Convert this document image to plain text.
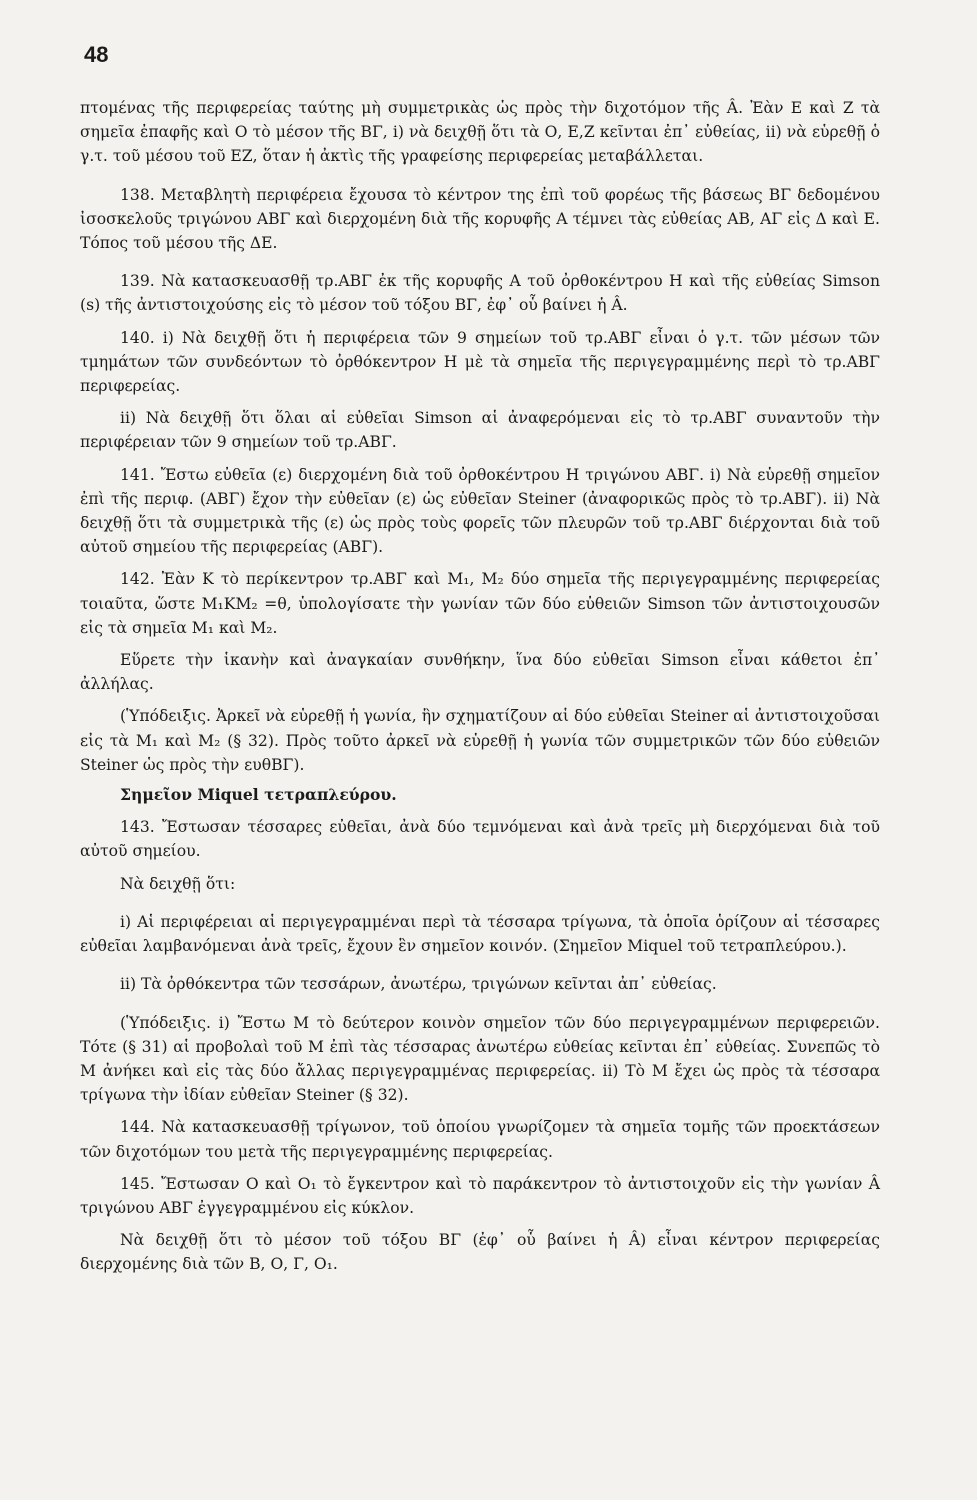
48

πτομένας τῆς περιφερείας ταύτης μὴ συμμετρικὰς ὡς πρὸς τὴν διχοτόμον τῆς Â. Ἐὰν Ε καὶ Ζ τὰ σημεῖα ἐπαφῆς καὶ Ο τὸ μέσον τῆς ΒΓ, i) νὰ δειχθῇ ὅτι τὰ Ο, Ε,Ζ κεῖνται ἐπ᾽ εὐθείας, ii) νὰ εὑρεθῇ ὁ γ.τ. τοῦ μέσου τοῦ ΕΖ, ὅταν ἡ ἀκτὶς τῆς γραφείσης περιφερείας μεταβάλλεται.

138. Μεταβλητὴ περιφέρεια ἔχουσα τὸ κέντρον της ἐπὶ τοῦ φορέως τῆς βάσεως ΒΓ δεδομένου ἰσοσκελοῦς τριγώνου ΑΒΓ καὶ διερχομένη διὰ τῆς κορυφῆς Α τέμνει τὰς εὐθείας ΑΒ, ΑΓ εἰς Δ καὶ Ε. Τόπος τοῦ μέσου τῆς ΔΕ.

139. Νὰ κατασκευασθῇ τρ.ΑΒΓ ἐκ τῆς κορυφῆς Α τοῦ ὀρθοκέντρου Η καὶ τῆς εὐθείας Simson (s) τῆς ἀντιστοιχούσης εἰς τὸ μέσον τοῦ τόξου ΒΓ, ἐφ᾽ οὗ βαίνει ἡ Â.

140. i) Νὰ δειχθῇ ὅτι ἡ περιφέρεια τῶν 9 σημείων τοῦ τρ.ΑΒΓ εἶναι ὁ γ.τ. τῶν μέσων τῶν τμημάτων τῶν συνδεόντων τὸ ὀρθόκεντρον Η μὲ τὰ σημεῖα τῆς περιγεγραμμένης περὶ τὸ τρ.ΑΒΓ περιφερείας.

ii) Νὰ δειχθῇ ὅτι ὅλαι αἱ εὐθεῖαι Simson αἱ ἀναφερόμεναι εἰς τὸ τρ.ΑΒΓ συναντοῦν τὴν περιφέρειαν τῶν 9 σημείων τοῦ τρ.ΑΒΓ.

141. Ἔστω εὐθεῖα (ε) διερχομένη διὰ τοῦ ὀρθοκέντρου Η τριγώνου ΑΒΓ. i) Νὰ εὑρεθῇ σημεῖον ἐπὶ τῆς περιφ. (ΑΒΓ) ἔχον τὴν εὐθεῖαν (ε) ὡς εὐθεῖαν Steiner (ἀναφορικῶς πρὸς τὸ τρ.ΑΒΓ). ii) Νὰ δειχθῇ ὅτι τὰ συμμετρικὰ τῆς (ε) ὡς πρὸς τοὺς φορεῖς τῶν πλευρῶν τοῦ τρ.ΑΒΓ διέρχονται διὰ τοῦ αὐτοῦ σημείου τῆς περιφερείας (ΑΒΓ).

142. Ἐὰν Κ τὸ περίκεντρον τρ.ΑΒΓ καὶ Μ₁, Μ₂ δύο σημεῖα τῆς περιγεγραμμένης περιφερείας τοιαῦτα, ὥστε Μ₁ΚΜ₂ =θ, ὑπολογίσατε τὴν γωνίαν τῶν δύο εὐθειῶν Simson τῶν ἀντιστοιχουσῶν εἰς τὰ σημεῖα Μ₁ καὶ Μ₂.

Εὕρετε τὴν ἱκανὴν καὶ ἀναγκαίαν συνθήκην, ἵνα δύο εὐθεῖαι Simson εἶναι κάθετοι ἐπ᾽ ἀλλήλας.

(Ὑπόδειξις. Ἀρκεῖ νὰ εὑρεθῇ ἡ γωνία, ἣν σχηματίζουν αἱ δύο εὐθεῖαι Steiner αἱ ἀντιστοιχοῦσαι εἰς τὰ Μ₁ καὶ Μ₂ (§ 32). Πρὸς τοῦτο ἀρκεῖ νὰ εὑρεθῇ ἡ γωνία τῶν συμμετρικῶν τῶν δύο εὐθειῶν Steiner ὡς πρὸς τὴν ευθΒΓ).

Σημεῖον Miquel τετραπλεύρου.

143. Ἔστωσαν τέσσαρες εὐθεῖαι, ἀνὰ δύο τεμνόμεναι καὶ ἀνὰ τρεῖς μὴ διερχόμεναι διὰ τοῦ αὐτοῦ σημείου.

Νὰ δειχθῇ ὅτι:

i) Αἱ περιφέρειαι αἱ περιγεγραμμέναι περὶ τὰ τέσσαρα τρίγωνα, τὰ ὁποῖα ὁρίζουν αἱ τέσσαρες εὐθεῖαι λαμβανόμεναι ἀνὰ τρεῖς, ἔχουν ἓν σημεῖον κοινόν. (Σημεῖον Miquel τοῦ τετραπλεύρου.).

ii) Τὰ ὀρθόκεντρα τῶν τεσσάρων, ἀνωτέρω, τριγώνων κεῖνται ἀπ᾽ εὐθείας.

(Ὑπόδειξις. i) Ἔστω Μ τὸ δεύτερον κοινὸν σημεῖον τῶν δύο περιγεγραμμένων περιφερειῶν. Τότε (§ 31) αἱ προβολαὶ τοῦ Μ ἐπὶ τὰς τέσσαρας ἀνωτέρω εὐθείας κεῖνται ἐπ᾽ εὐθείας. Συνεπῶς τὸ Μ ἀνήκει καὶ εἰς τὰς δύο ἄλλας περιγεγραμμένας περιφερείας. ii) Τὸ Μ ἔχει ὡς πρὸς τὰ τέσσαρα τρίγωνα τὴν ἰδίαν εὐθεῖαν Steiner (§ 32).

144. Νὰ κατασκευασθῇ τρίγωνον, τοῦ ὁποίου γνωρίζομεν τὰ σημεῖα τομῆς τῶν προεκτάσεων τῶν διχοτόμων του μετὰ τῆς περιγεγραμμένης περιφερείας.

145. Ἔστωσαν Ο καὶ Ο₁ τὸ ἔγκεντρον καὶ τὸ παράκεντρον τὸ ἀντιστοιχοῦν εἰς τὴν γωνίαν Â τριγώνου ΑΒΓ ἐγγεγραμμένου εἰς κύκλον.

Νὰ δειχθῇ ὅτι τὸ μέσον τοῦ τόξου ΒΓ (ἐφ᾽ οὗ βαίνει ἡ Â) εἶναι κέντρον περιφερείας διερχομένης διὰ τῶν Β, Ο, Γ, Ο₁.
